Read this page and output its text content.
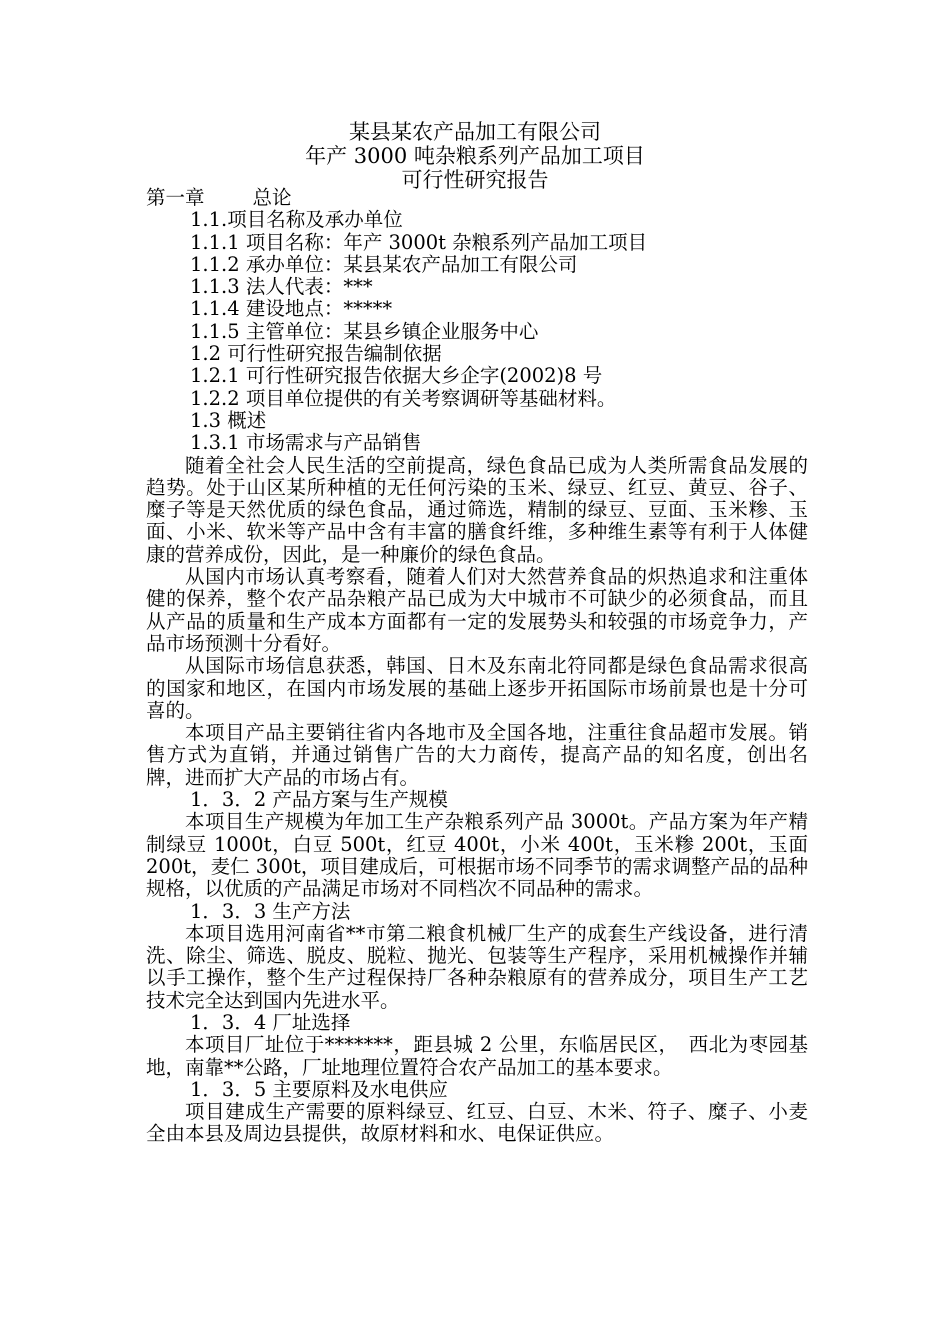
某县某农产品加工有限公司
年产 3000 吨杂粮系列产品加工项目
可行性研究报告
第一章 总论
1.1.项目名称及承办单位
1.1.1 项目名称：年产 3000t 杂粮系列产品加工项目
1.1.2 承办单位：某县某农产品加工有限公司
1.1.3 法人代表：***
1.1.4 建设地点：*****
1.1.5 主管单位：某县乡镇企业服务中心
1.2 可行性研究报告编制依据
1.2.1 可行性研究报告依据大乡企字(2002)8 号
1.2.2 项目单位提供的有关考察调研等基础材料。
1.3 概述
1.3.1 市场需求与产品销售

随着全社会人民生活的空前提高，绿色食品已成为人类所需食品发展的趋势。处于山区某所种植的无任何污染的玉米、绿豆、红豆、黄豆、谷子、糜子等是天然优质的绿色食品，通过筛选，精制的绿豆、豆面、玉米糁、玉面、小米、软米等产品中含有丰富的膳食纤维，多种维生素等有利于人体健康的营养成份，因此，是一种廉价的绿色食品。

从国内市场认真考察看，随着人们对大然营养食品的炽热追求和注重体健的保养，整个农产品杂粮产品已成为大中城市不可缺少的必须食品，而且从产品的质量和生产成本方面都有一定的发展势头和较强的市场竞争力，产品市场预测十分看好。

从国际市场信息获悉，韩国、日木及东南北符同都是绿色食品需求很高的国家和地区，在国内市场发展的基础上逐步开拓国际市场前景也是十分可喜的。

本项目产品主要销往省内各地市及全国各地，注重往食品超市发展。销售方式为直销，并通过销售广告的大力商传，提高产品的知名度，创出名牌，进而扩大产品的市场占有。

1．3．2 产品方案与生产规模

本项目生产规模为年加工生产杂粮系列产品 3000t。产品方案为年产精制绿豆 1000t，白豆 500t，红豆 400t，小米 400t，玉米糁 200t，玉面 200t，麦仁 300t，项目建成后，可根据市场不同季节的需求调整产品的品种规格，以优质的产品满足市场对不同档次不同品种的需求。

1．3．3 生产方法

本项目选用河南省**市第二粮食机械厂生产的成套生产线设备，进行清洗、除尘、筛选、脱皮、脱粒、抛光、包装等生产程序，采用机械操作并辅以手工操作，整个生产过程保持厂各种杂粮原有的营养成分，项目生产工艺技术完全达到国内先进水平。

1．3．4 厂址选择

本项目厂址位于*******，距县城 2 公里，东临居民区，　西北为枣园基地，南靠**公路，厂址地理位置符合农产品加工的基本要求。

1．3．5 主要原料及水电供应

项目建成生产需要的原料绿豆、红豆、白豆、木米、符子、糜子、小麦全由本县及周边县提供，故原材料和水、电保证供应。
